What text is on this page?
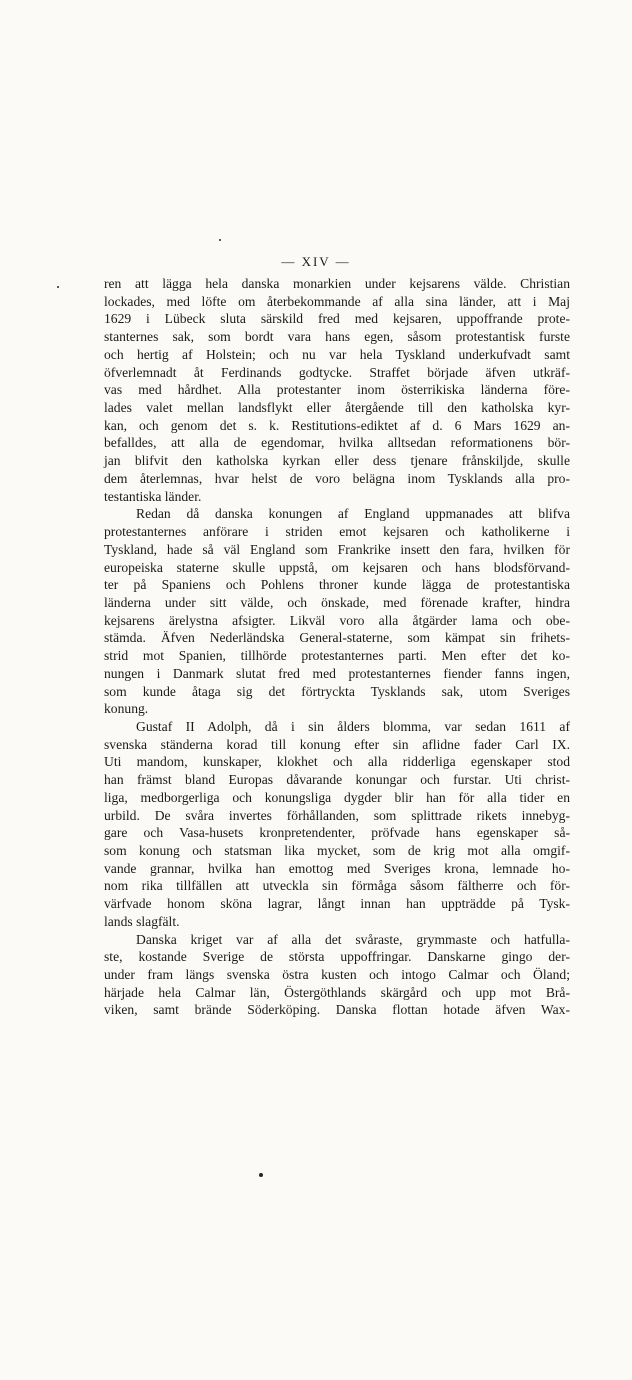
— XIV —
ren att lägga hela danska monarkien under kejsarens välde. Christian
lockades, med löfte om återbekommande af alla sina länder, att i Maj
1629 i Lübeck sluta särskild fred med kejsaren, uppoffrande prote-
stanternes sak, som bordt vara hans egen, såsom protestantisk furste
och hertig af Holstein; och nu var hela Tyskland underkufvadt samt
öfverlemnadt åt Ferdinands godtycke. Straffet började äfven utkräf-
vas med hårdhet. Alla protestanter inom österrikiska länderna före-
lades valet mellan landsflykt eller återgående till den katholska kyr-
kan, och genom det s. k. Restitutions-ediktet af d. 6 Mars 1629 an-
befalldes, att alla de egendomar, hvilka alltsedan reformationens bör-
jan blifvit den katholska kyrkan eller dess tjenare frånskiljde, skulle
dem återlemnas, hvar helst de voro belägna inom Tysklands alla pro-
testantiska länder.
Redan då danska konungen af England uppmanades att blifva
protestanternes anförare i striden emot kejsaren och katholikerne i
Tyskland, hade så väl England som Frankrike insett den fara, hvilken för
europeiska staterne skulle uppstå, om kejsaren och hans blodsförvand-
ter på Spaniens och Pohlens throner kunde lägga de protestantiska
länderna under sitt välde, och önskade, med förenade krafter, hindra
kejsarens ärelystna afsigter. Likväl voro alla åtgärder lama och obe-
stämda. Äfven Nederländska General-staterne, som kämpat sin frihets-
strid mot Spanien, tillhörde protestanternes parti. Men efter det ko-
nungen i Danmark slutat fred med protestanternes fiender fanns ingen,
som kunde åtaga sig det förtryckta Tysklands sak, utom Sveriges
konung.
Gustaf II Adolph, då i sin ålders blomma, var sedan 1611 af
svenska ständerna korad till konung efter sin aflidne fader Carl IX.
Uti mandom, kunskaper, klokhet och alla ridderliga egenskaper stod
han främst bland Europas dåvarande konungar och furstar. Uti christ-
liga, medborgerliga och konungsliga dygder blir han för alla tider en
urbild. De svåra invertes förhållanden, som splittrade rikets innebyg-
gare och Vasa-husets kronpretendenter, pröfvade hans egenskaper så-
som konung och statsman lika mycket, som de krig mot alla omgif-
vande grannar, hvilka han emottog med Sveriges krona, lemnade ho-
nom rika tillfällen att utveckla sin förmåga såsom fältherre och för-
värfvade honom sköna lagrar, långt innan han uppträdde på Tysk-
lands slagfält.
Danska kriget var af alla det svåraste, grymmaste och hatfulla-
ste, kostande Sverige de största uppoffringar. Danskarne gingo der-
under fram längs svenska östra kusten och intogo Calmar och Öland;
härjade hela Calmar län, Östergöthlands skärgård och upp mot Brå-
viken, samt brände Söderköping. Danska flottan hotade äfven Wax-
